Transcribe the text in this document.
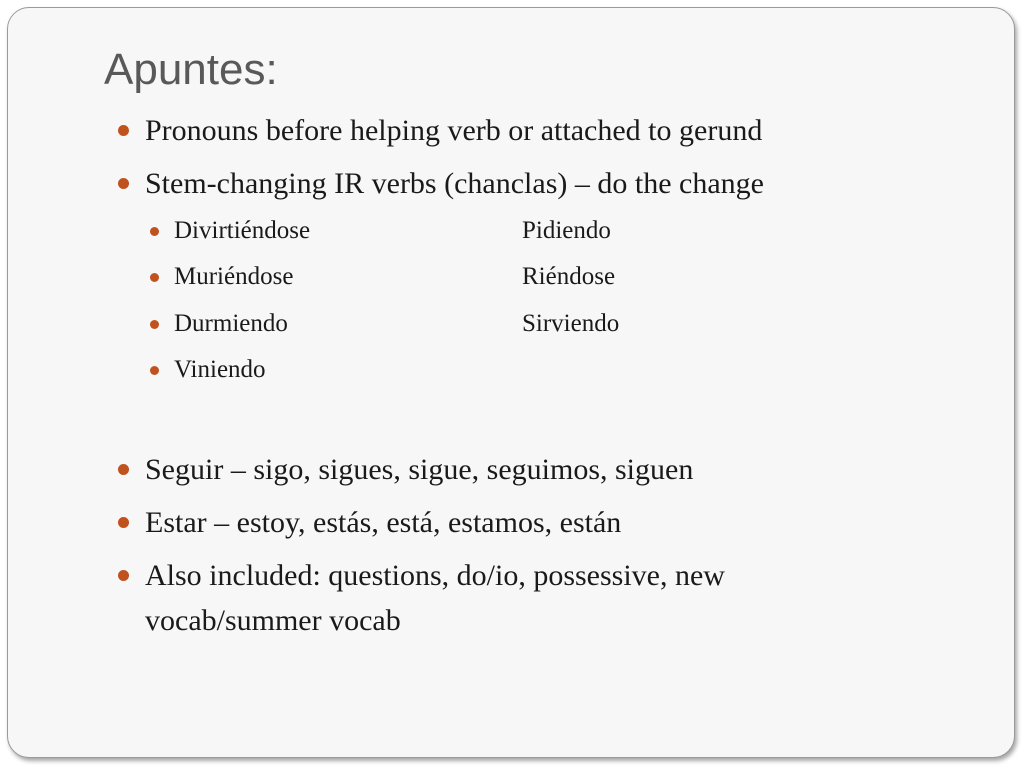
Apuntes:
Pronouns before helping verb or attached to gerund
Stem-changing IR verbs (chanclas) – do the change
Divirtiéndose	Pidiendo
Muriéndose	Riéndose
Durmiendo	Sirviendo
Viniendo
Seguir – sigo, sigues, sigue, seguimos, siguen
Estar – estoy, estás, está, estamos, están
Also included: questions, do/io, possessive, new vocab/summer vocab
